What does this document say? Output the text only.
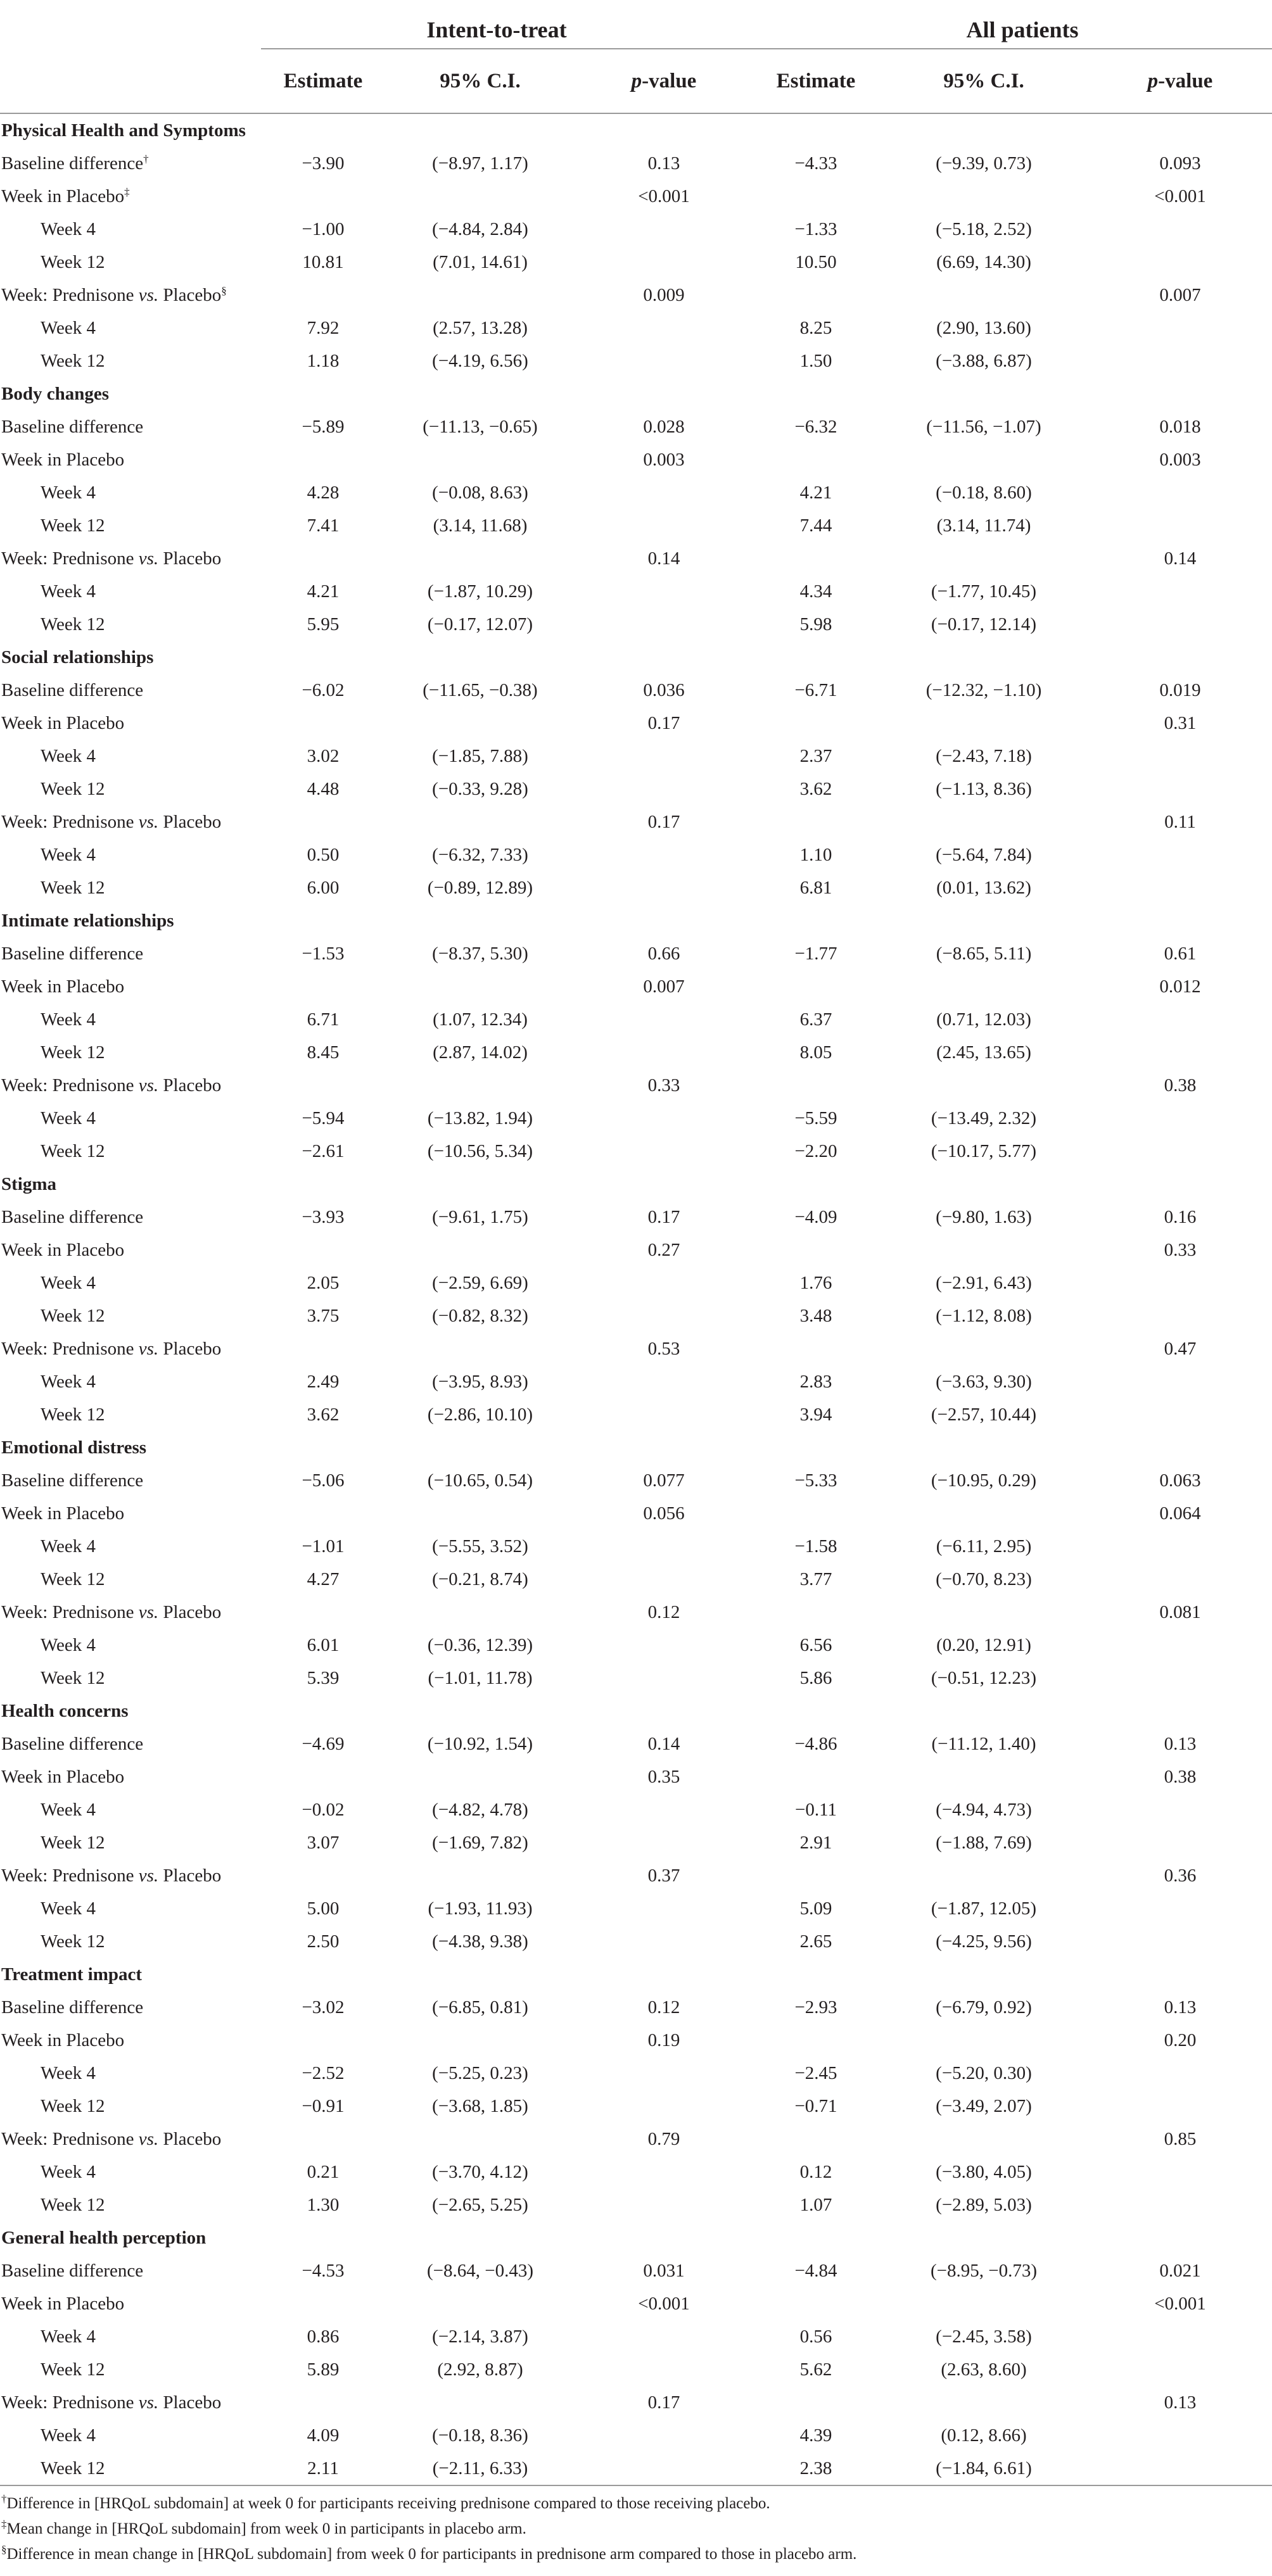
	Intent-to-treat			All patients		
	Estimate	95% C.I.	p-value	Estimate	95% C.I.	p-value
Physical Health and Symptoms						
Baseline difference†	−3.90	(−8.97, 1.17)	0.13	−4.33	(−9.39, 0.73)	0.093
Week in Placebo‡			<0.001			<0.001
Week 4	−1.00	(−4.84, 2.84)		−1.33	(−5.18, 2.52)	
Week 12	10.81	(7.01, 14.61)		10.50	(6.69, 14.30)	
Week: Prednisone vs. Placebo§			0.009			0.007
Week 4	7.92	(2.57, 13.28)		8.25	(2.90, 13.60)	
Week 12	1.18	(−4.19, 6.56)		1.50	(−3.88, 6.87)	
Body changes						
Baseline difference	−5.89	(−11.13, −0.65)	0.028	−6.32	(−11.56, −1.07)	0.018
Week in Placebo			0.003			0.003
Week 4	4.28	(−0.08, 8.63)		4.21	(−0.18, 8.60)	
Week 12	7.41	(3.14, 11.68)		7.44	(3.14, 11.74)	
Week: Prednisone vs. Placebo			0.14			0.14
Week 4	4.21	(−1.87, 10.29)		4.34	(−1.77, 10.45)	
Week 12	5.95	(−0.17, 12.07)		5.98	(−0.17, 12.14)	
Social relationships						
Baseline difference	−6.02	(−11.65, −0.38)	0.036	−6.71	(−12.32, −1.10)	0.019
Week in Placebo			0.17			0.31
Week 4	3.02	(−1.85, 7.88)		2.37	(−2.43, 7.18)	
Week 12	4.48	(−0.33, 9.28)		3.62	(−1.13, 8.36)	
Week: Prednisone vs. Placebo			0.17			0.11
Week 4	0.50	(−6.32, 7.33)		1.10	(−5.64, 7.84)	
Week 12	6.00	(−0.89, 12.89)		6.81	(0.01, 13.62)	
Intimate relationships						
Baseline difference	−1.53	(−8.37, 5.30)	0.66	−1.77	(−8.65, 5.11)	0.61
Week in Placebo			0.007			0.012
Week 4	6.71	(1.07, 12.34)		6.37	(0.71, 12.03)	
Week 12	8.45	(2.87, 14.02)		8.05	(2.45, 13.65)	
Week: Prednisone vs. Placebo			0.33			0.38
Week 4	−5.94	(−13.82, 1.94)		−5.59	(−13.49, 2.32)	
Week 12	−2.61	(−10.56, 5.34)		−2.20	(−10.17, 5.77)	
Stigma						
Baseline difference	−3.93	(−9.61, 1.75)	0.17	−4.09	(−9.80, 1.63)	0.16
Week in Placebo			0.27			0.33
Week 4	2.05	(−2.59, 6.69)		1.76	(−2.91, 6.43)	
Week 12	3.75	(−0.82, 8.32)		3.48	(−1.12, 8.08)	
Week: Prednisone vs. Placebo			0.53			0.47
Week 4	2.49	(−3.95, 8.93)		2.83	(−3.63, 9.30)	
Week 12	3.62	(−2.86, 10.10)		3.94	(−2.57, 10.44)	
Emotional distress						
Baseline difference	−5.06	(−10.65, 0.54)	0.077	−5.33	(−10.95, 0.29)	0.063
Week in Placebo			0.056			0.064
Week 4	−1.01	(−5.55, 3.52)		−1.58	(−6.11, 2.95)	
Week 12	4.27	(−0.21, 8.74)		3.77	(−0.70, 8.23)	
Week: Prednisone vs. Placebo			0.12			0.081
Week 4	6.01	(−0.36, 12.39)		6.56	(0.20, 12.91)	
Week 12	5.39	(−1.01, 11.78)		5.86	(−0.51, 12.23)	
Health concerns						
Baseline difference	−4.69	(−10.92, 1.54)	0.14	−4.86	(−11.12, 1.40)	0.13
Week in Placebo			0.35			0.38
Week 4	−0.02	(−4.82, 4.78)		−0.11	(−4.94, 4.73)	
Week 12	3.07	(−1.69, 7.82)		2.91	(−1.88, 7.69)	
Week: Prednisone vs. Placebo			0.37			0.36
Week 4	5.00	(−1.93, 11.93)		5.09	(−1.87, 12.05)	
Week 12	2.50	(−4.38, 9.38)		2.65	(−4.25, 9.56)	
Treatment impact						
Baseline difference	−3.02	(−6.85, 0.81)	0.12	−2.93	(−6.79, 0.92)	0.13
Week in Placebo			0.19			0.20
Week 4	−2.52	(−5.25, 0.23)		−2.45	(−5.20, 0.30)	
Week 12	−0.91	(−3.68, 1.85)		−0.71	(−3.49, 2.07)	
Week: Prednisone vs. Placebo			0.79			0.85
Week 4	0.21	(−3.70, 4.12)		0.12	(−3.80, 4.05)	
Week 12	1.30	(−2.65, 5.25)		1.07	(−2.89, 5.03)	
General health perception						
Baseline difference	−4.53	(−8.64, −0.43)	0.031	−4.84	(−8.95, −0.73)	0.021
Week in Placebo			<0.001			<0.001
Week 4	0.86	(−2.14, 3.87)		0.56	(−2.45, 3.58)	
Week 12	5.89	(2.92, 8.87)		5.62	(2.63, 8.60)	
Week: Prednisone vs. Placebo			0.17			0.13
Week 4	4.09	(−0.18, 8.36)		4.39	(0.12, 8.66)	
Week 12	2.11	(−2.11, 6.33)		2.38	(−1.84, 6.61)	
†Difference in [HRQoL subdomain] at week 0 for participants receiving prednisone compared to those receiving placebo.
‡Mean change in [HRQoL subdomain] from week 0 in participants in placebo arm.
§Difference in mean change in [HRQoL subdomain] from week 0 for participants in prednisone arm compared to those in placebo arm.
